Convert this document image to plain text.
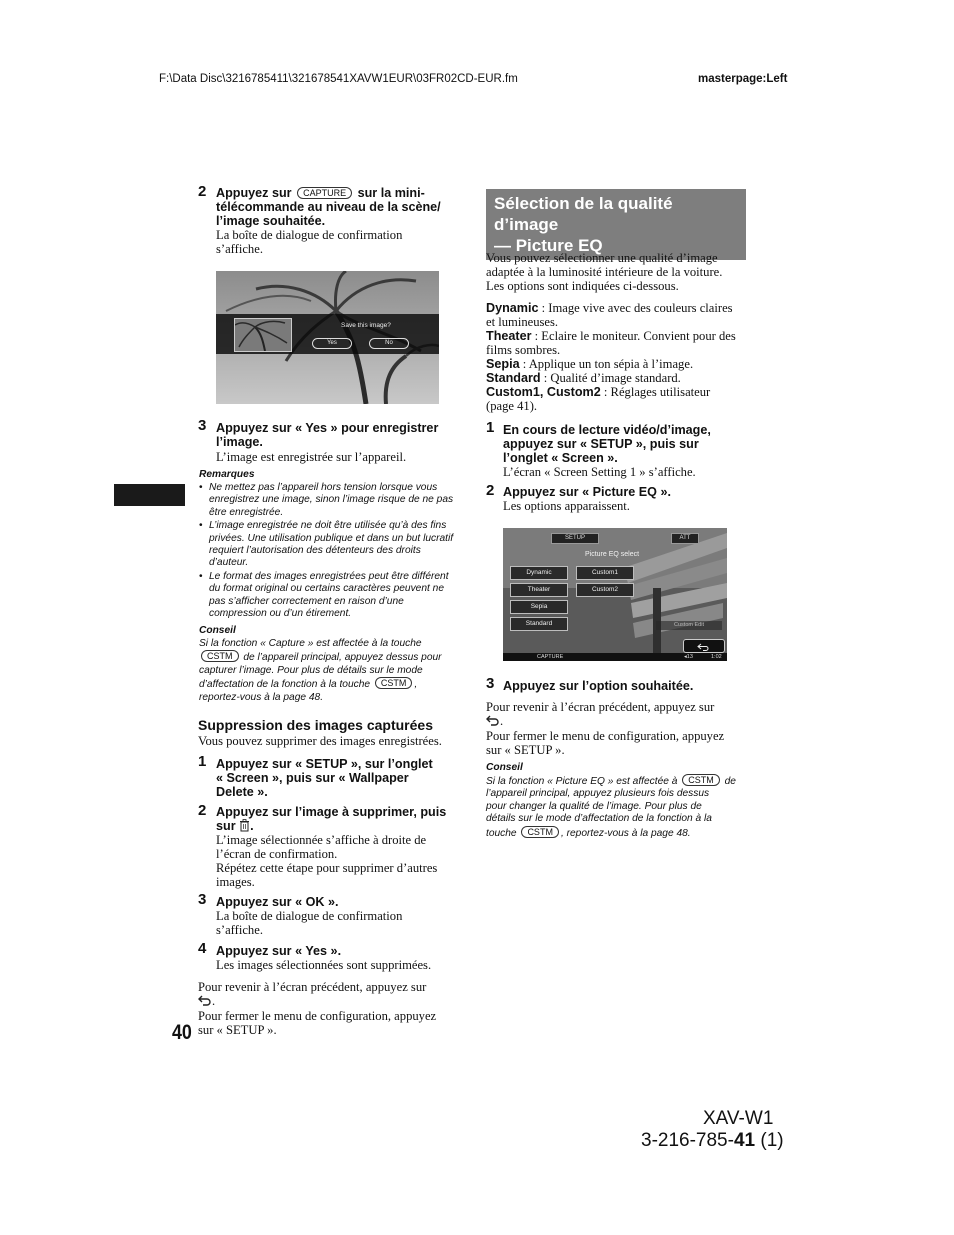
F:\Data Disc\3216785411\321678541XAVW1EUR\03FR02CD-EUR.fm	masterpage:Left
2 Appuyez sur CAPTURE sur la mini-
télécommande au niveau de la scène/
l’image souhaitée.
La boîte de dialogue de confirmation
s’affiche.
Save this image?
Yes	No
3 Appuyez sur « Yes » pour enregistrer
l’image.
L’image est enregistrée sur l’appareil.
Remarques
• Ne mettez pas l’appareil hors tension lorsque vous enregistrez une image, sinon l’image risque de ne pas être enregistrée.
• L’image enregistrée ne doit être utilisée qu’à des fins privées. Une utilisation publique et dans un but lucratif requiert l’autorisation des détenteurs des droits d’auteur.
• Le format des images enregistrées peut être différent du format original ou certains caractères peuvent ne pas s’afficher correctement en raison d’une compression ou d’un étirement.
Conseil
Si la fonction « Capture » est affectée à la touche
CSTM de l’appareil principal, appuyez dessus pour
capturer l’image. Pour plus de détails sur le mode
d’affectation de la fonction à la touche CSTM ,
reportez-vous à la page 48.
Suppression des images capturées
Vous pouvez supprimer des images enregistrées.
1 Appuyez sur « SETUP », sur l’onglet
« Screen », puis sur « Wallpaper
Delete ».
2 Appuyez sur l’image à supprimer, puis
sur .
L’image sélectionnée s’affiche à droite de
l’écran de confirmation.
Répétez cette étape pour supprimer d’autres
images.
3 Appuyez sur « OK ».
La boîte de dialogue de confirmation
s’affiche.
4 Appuyez sur « Yes ».
Les images sélectionnées sont supprimées.
Pour revenir à l’écran précédent, appuyez sur
.
Pour fermer le menu de configuration, appuyez
sur « SETUP ».
40
Sélection de la qualité d’image
— Picture EQ
Vous pouvez sélectionner une qualité d’image
adaptée à la luminosité intérieure de la voiture.
Les options sont indiquées ci-dessous.
Dynamic : Image vive avec des couleurs claires
et lumineuses.
Theater : Eclaire le moniteur. Convient pour des
films sombres.
Sepia : Applique un ton sépia à l’image.
Standard : Qualité d’image standard.
Custom1, Custom2 : Réglages utilisateur
(page 41).
1 En cours de lecture vidéo/d’image,
appuyez sur « SETUP », puis sur
l’onglet « Screen ».
L’écran « Screen Setting 1 » s’affiche.
2 Appuyez sur « Picture EQ ».
Les options apparaissent.
SETUP	ATT
Picture EQ select
Dynamic
Theater
Sepia
Standard
Custom1
Custom2
Custom Edit
CAPTURE	◂13	1:02
3 Appuyez sur l’option souhaitée.
Pour revenir à l’écran précédent, appuyez sur
.
Pour fermer le menu de configuration, appuyez
sur « SETUP ».
Conseil
Si la fonction « Picture EQ » est affectée à CSTM de
l’appareil principal, appuyez plusieurs fois dessus
pour changer la qualité de l’image. Pour plus de
détails sur le mode d’affectation de la fonction à la
touche CSTM , reportez-vous à la page 48.
XAV-W1
3-216-785-41 (1)
